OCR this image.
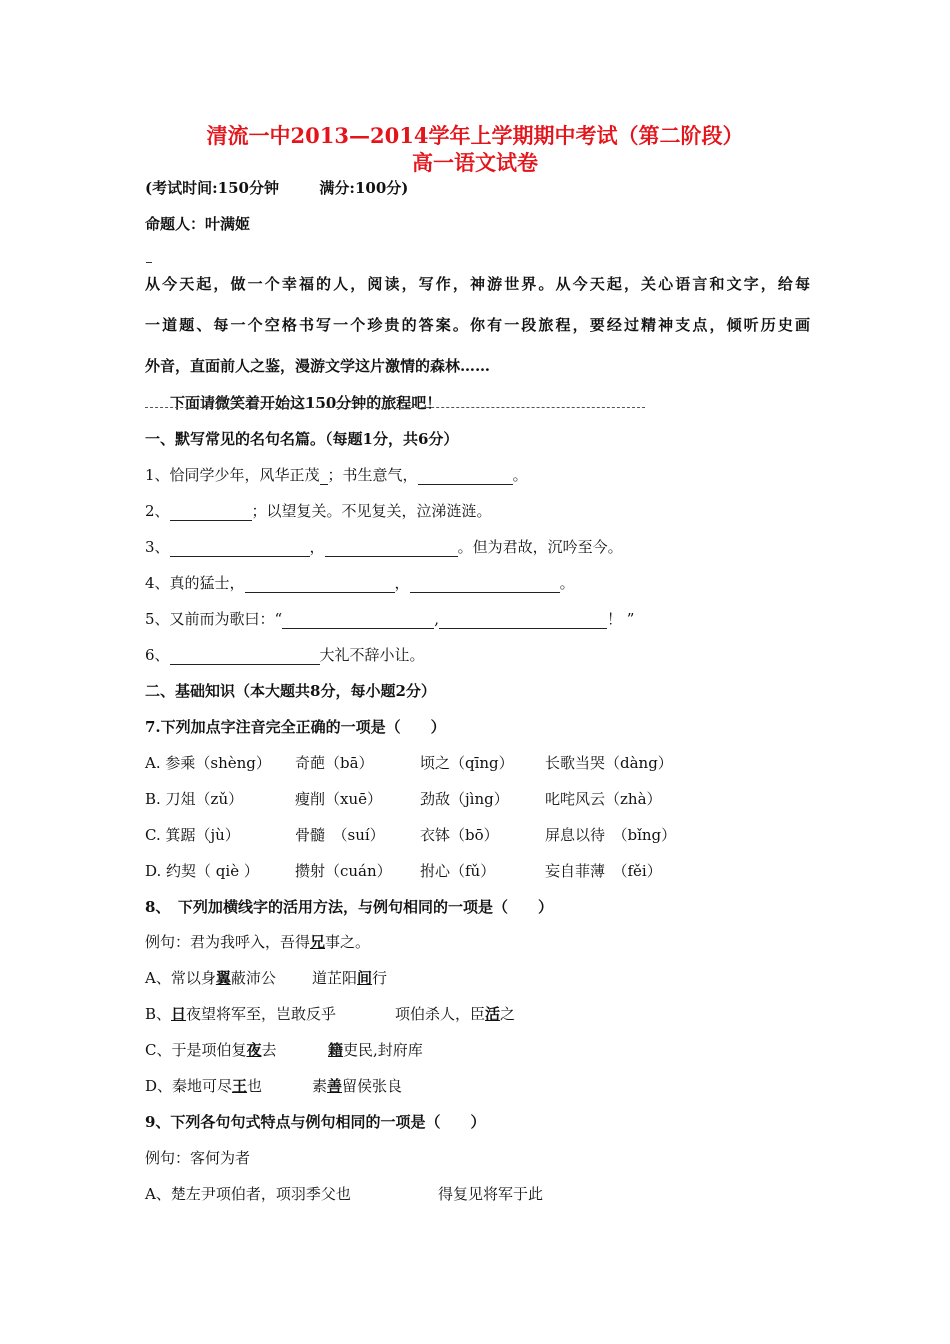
清流一中2013—2014学年上学期期中考试（第二阶段）
高一语文试卷
(考试时间:150分钟	满分:100分)
命题人：叶满姬
从今天起，做一个幸福的人，阅读，写作，神游世界。从今天起，关心语言和文字，给每
一道题、每一个空格书写一个珍贵的答案。你有一段旅程，要经过精神支点，倾听历史画
外音，直面前人之鉴，漫游文学这片激情的森林……
下面请微笑着开始这150分钟的旅程吧！
一、默写常见的名句名篇。（每题1分，共6分）
1、恰同学少年，风华正茂 ；书生意气，	。
2、	；以望复关。不见复关，泣涕涟涟。
3、	，	。但为君故，沉吟至今。
4、真的猛士，	，	。
5、又前而为歌曰：“	,	！ ”
6、	大礼不辞小让。
二、基础知识（本大题共8分，每小题2分）
7.下列加点字注音完全正确的一项是（　　）
A. 参乘（shèng） 奇葩（bā）	顷之（qīng） 长歌当哭（dàng）
B. 刀俎（zǔ）	瘦削（xuē）	劲敌（jìng） 叱咤风云（zhà）
C. 箕踞（jù）	骨髓　（suí） 衣钵（bō）	屏息以待　（bǐng）
D. 约契（ qiè ） 攒射（cuán） 拊心（fǔ）	妄自菲薄　（fěi）
8、　下列加横线字的活用方法，与例句相同的一项是（　　）
例句：君为我呼入，吾得兄事之。
A、常以身翼蔽沛公 道芷阳间行
B、日夜望将军至，岂敢反乎	项伯杀人，臣活之
C、于是项伯复夜去	籍吏民,封府库
D、秦地可尽王也	素善留侯张良
9、下列各句句式特点与例句相同的一项是（　　）
例句：客何为者
A、楚左尹项伯者，项羽季父也	得复见将军于此
